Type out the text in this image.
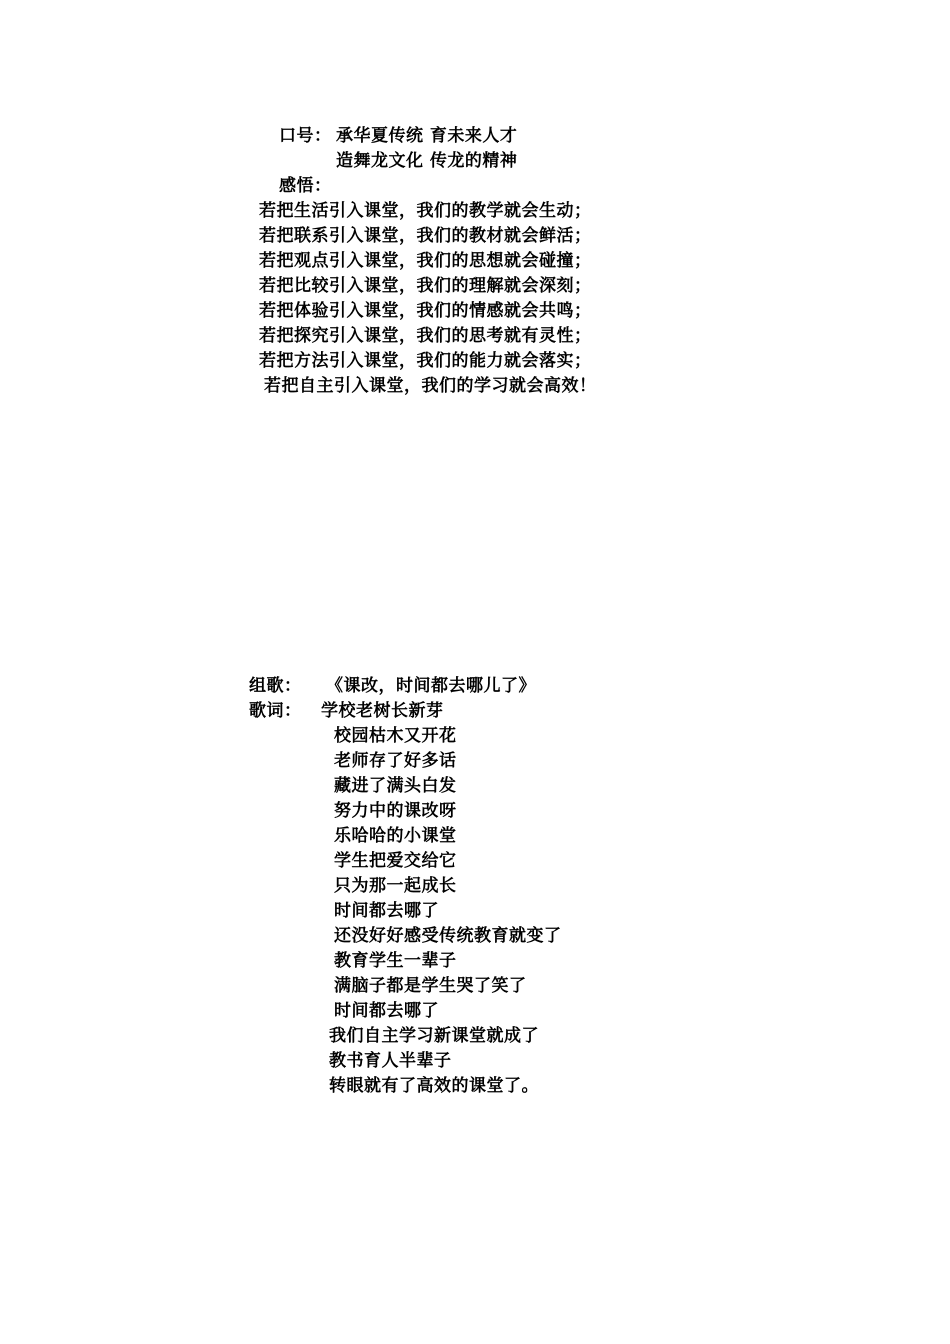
口号： 承华夏传统 育未来人才
造舞龙文化 传龙的精神
感悟：
若把生活引入课堂，我们的教学就会生动；
若把联系引入课堂，我们的教材就会鲜活；
若把观点引入课堂，我们的思想就会碰撞；
若把比较引入课堂，我们的理解就会深刻；
若把体验引入课堂，我们的情感就会共鸣；
若把探究引入课堂，我们的思考就有灵性；
若把方法引入课堂，我们的能力就会落实；
若把自主引入课堂，我们的学习就会高效！
组歌： 《课改，时间都去哪儿了》
歌词： 学校老树长新芽
校园枯木又开花
老师存了好多话
藏进了满头白发
努力中的课改呀
乐哈哈的小课堂
学生把爱交给它
只为那一起成长
时间都去哪了
还没好好感受传统教育就变了
教育学生一辈子
满脑子都是学生哭了笑了
时间都去哪了
我们自主学习新课堂就成了
教书育人半辈子
转眼就有了高效的课堂了。
